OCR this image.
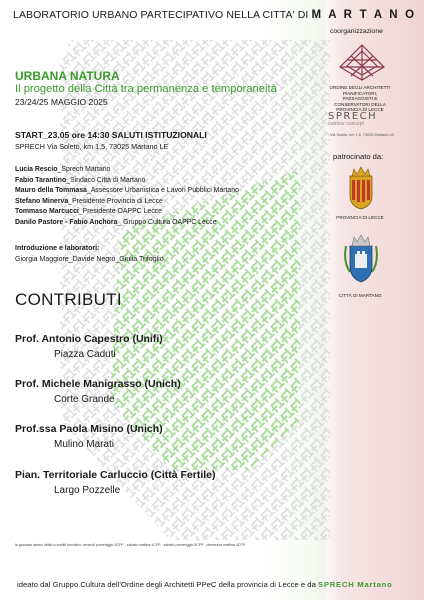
LABORATORIO URBANO PARTECIPATIVO NELLA CITTA' DI M A R T A N O
coorganizzazione
URBANA NATURA
Il progetto della Città tra permanenza e temporaneità
23/24/25 MAGGIO 2025
START_23.05 ore 14:30 SALUTI ISTITUZIONALI
SPRECH Via Soleto, km 1,5, 73025 Martano LE
Lucia Rescio_Sprech Martano
Fabio Tarantino_Sindaco Città di Martano
Mauro della Tommasa_Assessore Urbanistica e Lavori Pubblici Martano
Stefano Minerva_Presidente Provincia di Lecce
Tommaso Marcucci_Presidente OAPPC Lecce
Danilo Pastore - Fabio Anchora_ Gruppo Cultura OAPPC Lecce
Introduzione e laboratori:
Giorgia Maggiore_Davide Negro_Giulia Trifoglio
CONTRIBUTI
Prof. Antonio Capestro (Unifi)
Piazza Caduti
Prof. Michele Manigrasso (Unich)
Corte Grande
Prof.ssa Paola Misino (Unich)
Mulino Marati
Pian. Territoriale Carluccio (Città Fertile)
Largo Pozzelle
la giornata danno diritto a crediti formativi: venerdì pomeriggio 5CFP - sabato mattina 4CFP - sabato pomeriggio 5CFP - domenica mattina 4CFP
ideato dal Gruppo Cultura dell'Ordine degli Architetti PPeC della provincia di Lecce e da SPRECH Martano
ORDINE DEGLI ARCHITETTI PIANIFICATORI, PAESAGGISTI E CONSERVATORI DELLA PROVINCIA DI LECCE
SPRECH
outdoor concept
Via Soleto, km 1,5, 73025 Martano LE
patrocinato da:
PROVINCIA DI LECCE
CITTÀ DI MARTANO
